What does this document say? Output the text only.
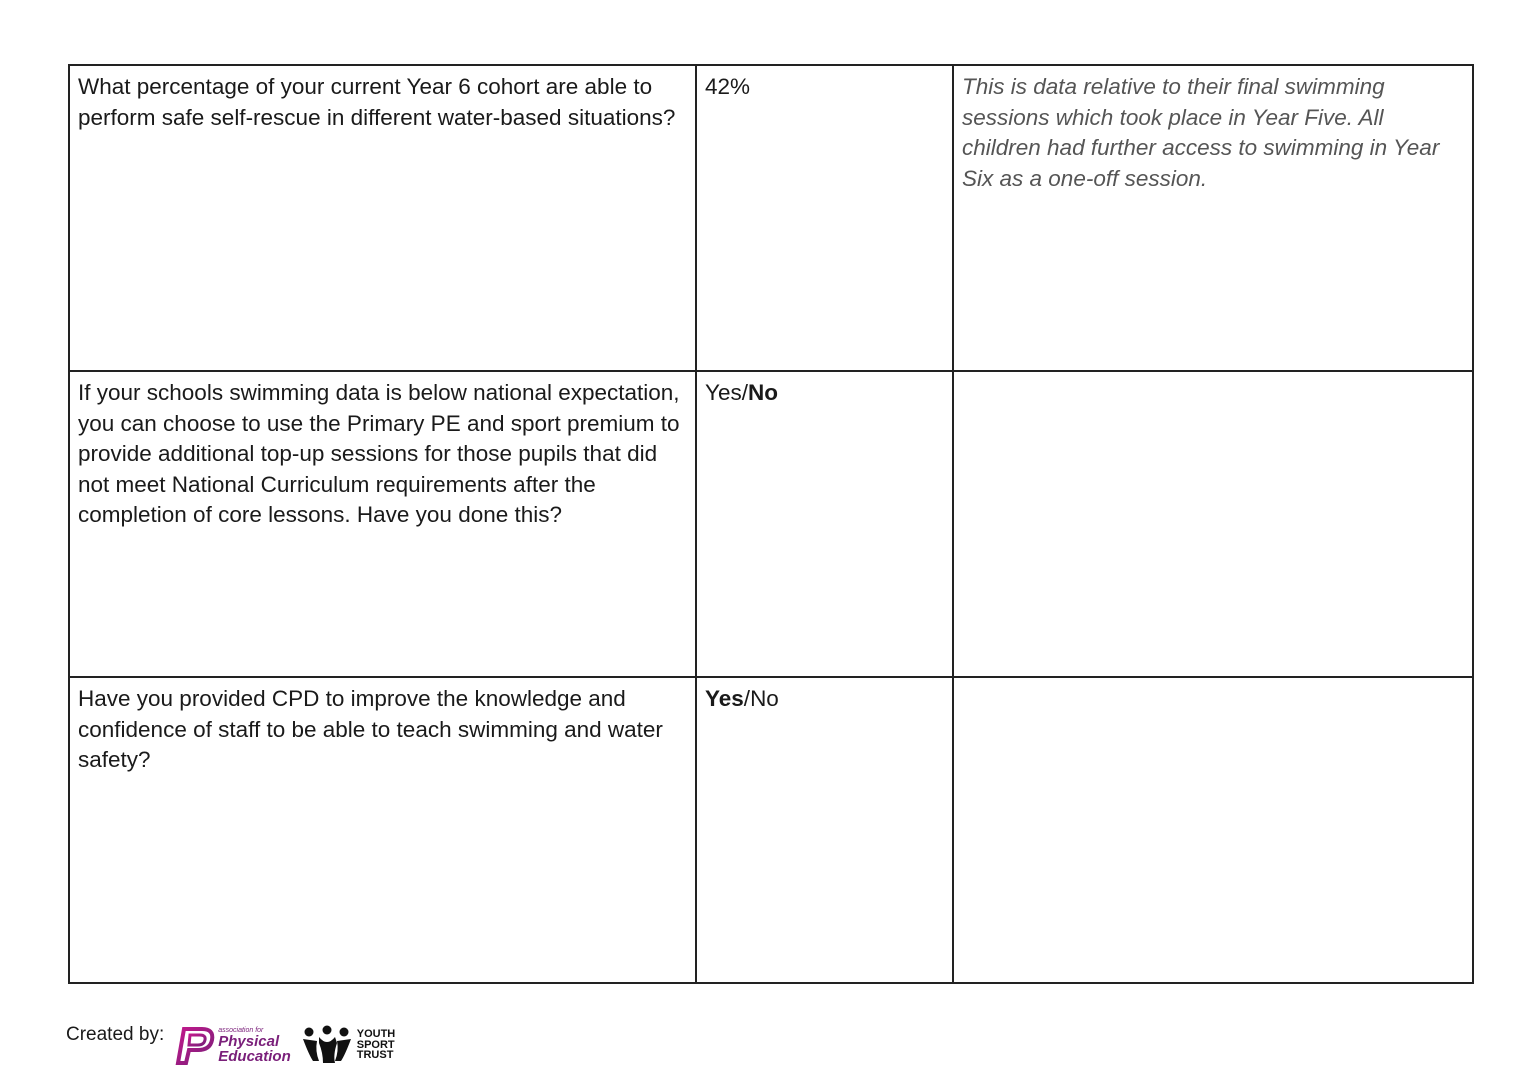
What percentage of your current Year 6 cohort are able to perform safe self-rescue in different water-based situations?	42%	This is data relative to their final swimming sessions which took place in Year Five. All children had further access to swimming in Year Six as a one-off session.
If your schools swimming data is below national expectation, you can choose to use the Primary PE and sport premium to provide additional top-up sessions for those pupils that did not meet National Curriculum requirements after the completion of core lessons. Have you done this?	Yes/No	
Have you provided CPD to improve the knowledge and confidence of staff to be able to teach swimming and water safety?	Yes/No	
Created by:	association for
Physical
Education
YOUTH
SPORT
TRUST
